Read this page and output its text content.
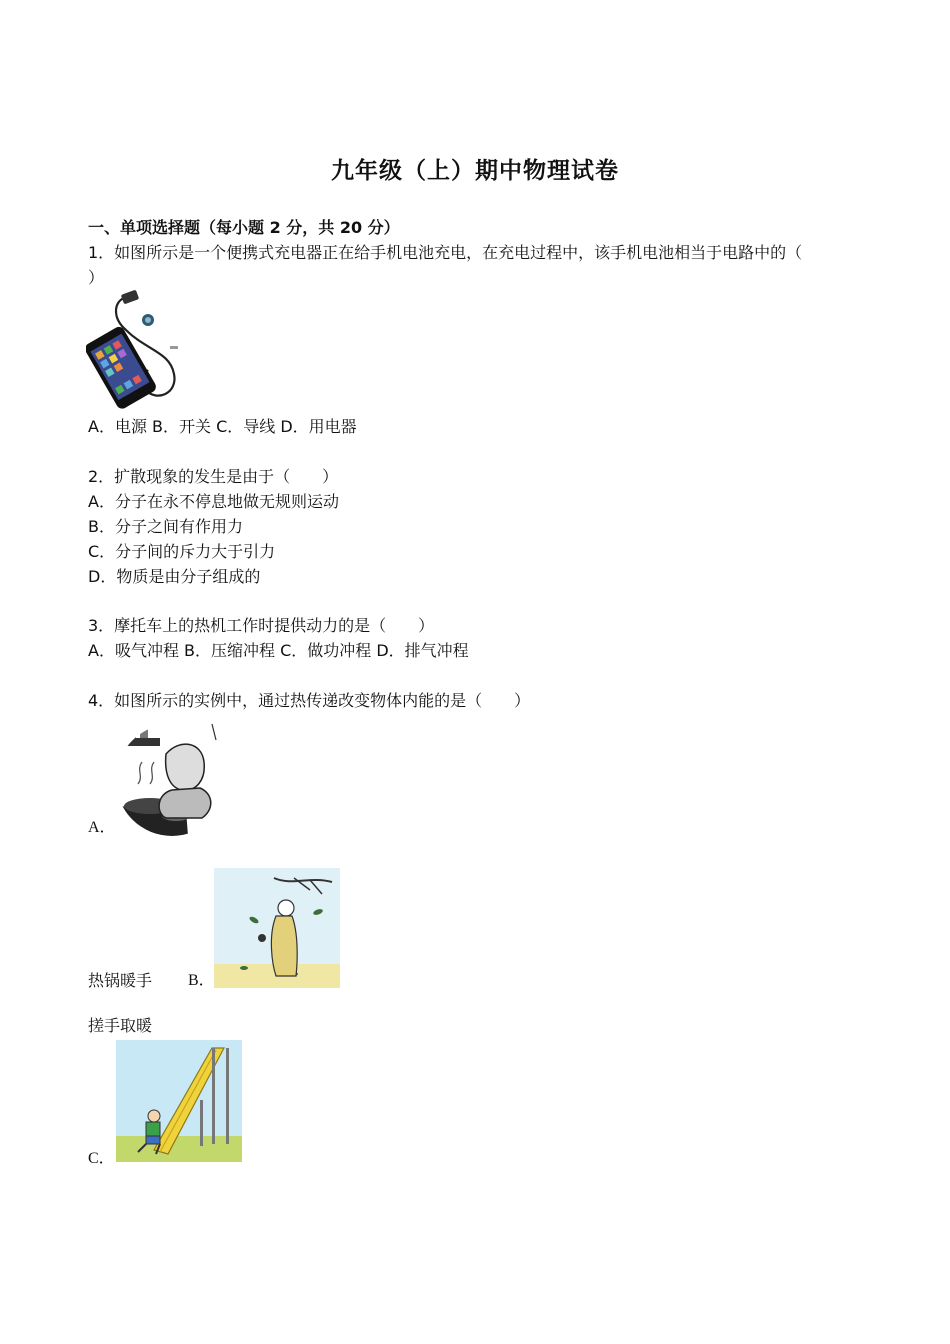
九年级（上）期中物理试卷
一、单项选择题（每小题 2 分，共 20 分）
1．如图所示是一个便携式充电器正在给手机电池充电，在充电过程中，该手机电池相当于电路中的（
）
A．电源 B．开关 C．导线 D．用电器
2．扩散现象的发生是由于（　　）
A．分子在永不停息地做无规则运动
B．分子之间有作用力
C．分子间的斥力大于引力
D．物质是由分子组成的
3．摩托车上的热机工作时提供动力的是（　　）
A．吸气冲程 B．压缩冲程 C．做功冲程 D．排气冲程
4．如图所示的实例中，通过热传递改变物体内能的是（　　）
A．
热锅暖手 B．
搓手取暖
C．
